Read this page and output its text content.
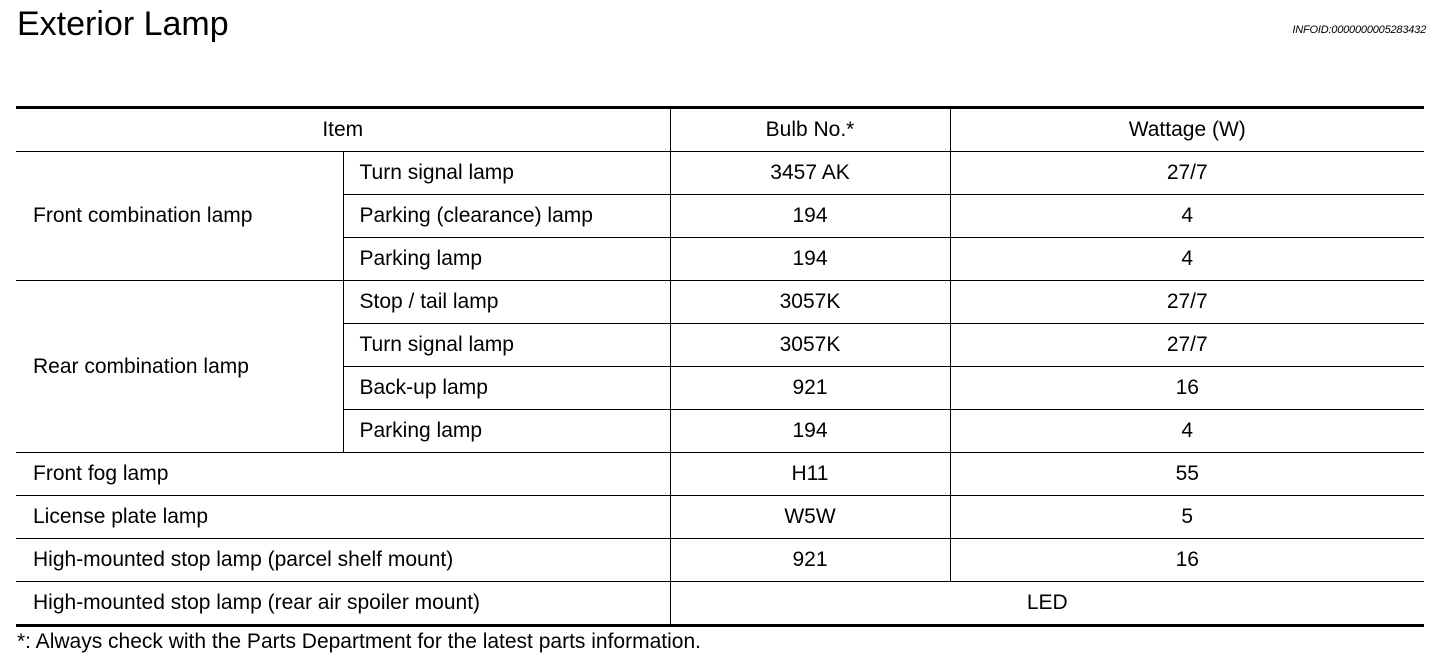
Exterior Lamp	INFOID:0000000005283432
Item		Bulb No.*	Wattage (W)
Front combination lamp	Turn signal lamp	3457 AK	27/7
	Parking (clearance) lamp	194	4
	Parking lamp	194	4
Rear combination lamp	Stop / tail lamp	3057K	27/7
	Turn signal lamp	3057K	27/7
	Back-up lamp	921	16
	Parking lamp	194	4
Front fog lamp		H11	55
License plate lamp		W5W	5
High-mounted stop lamp (parcel shelf mount)		921	16
High-mounted stop lamp (rear air spoiler mount)		LED	
*: Always check with the Parts Department for the latest parts information.
